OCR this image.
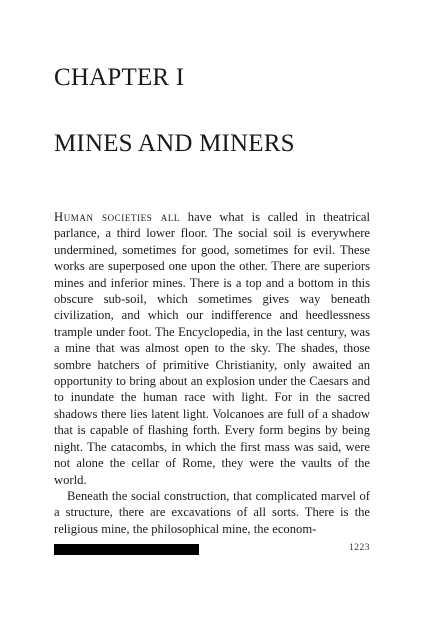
CHAPTER I
MINES AND MINERS

Human societies all have what is called in theatrical parlance, a third lower floor. The social soil is everywhere undermined, sometimes for good, sometimes for evil. These works are superposed one upon the other. There are superiors mines and inferior mines. There is a top and a bottom in this obscure sub-soil, which sometimes gives way beneath civilization, and which our indifference and heedlessness trample under foot. The Encyclopedia, in the last century, was a mine that was almost open to the sky. The shades, those sombre hatchers of primitive Christianity, only awaited an opportunity to bring about an explosion under the Caesars and to inundate the human race with light. For in the sacred shadows there lies latent light. Volcanoes are full of a shadow that is capable of flashing forth. Every form begins by being night. The catacombs, in which the first mass was said, were not alone the cellar of Rome, they were the vaults of the world.

Beneath the social construction, that complicated marvel of a structure, there are excavations of all sorts. There is the religious mine, the philosophical mine, the econom-

1223
